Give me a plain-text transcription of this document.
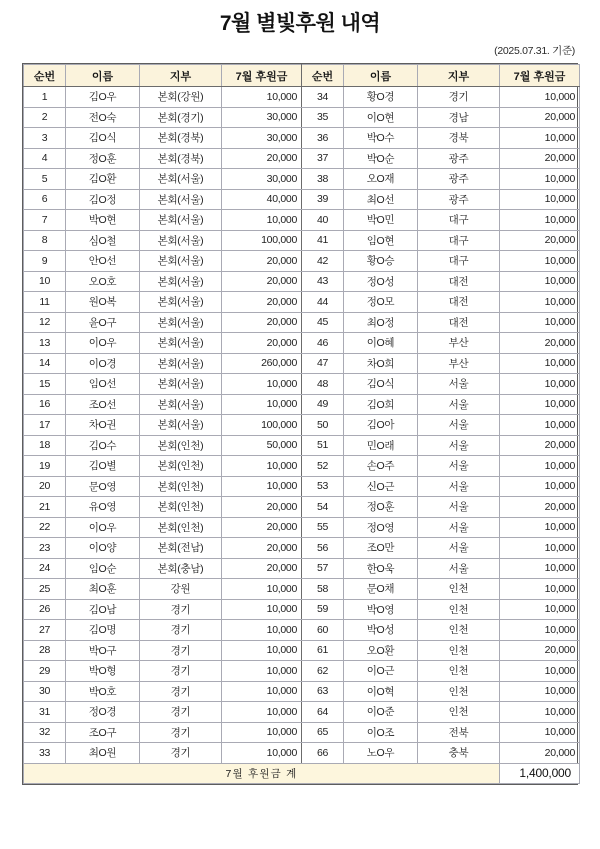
7월 별빛후원 내역
(2025.07.31. 기준)
순번	이름	지부	7월 후원금	순번	이름	지부	7월 후원금
1	김O우	본회(강원)	10,000	34	황O경	경기	10,000
2	전O숙	본회(경기)	30,000	35	이O현	경남	20,000
3	김O식	본회(경북)	30,000	36	박O수	경북	10,000
4	정O훈	본회(경북)	20,000	37	박O순	광주	20,000
5	김O환	본회(서울)	30,000	38	오O재	광주	10,000
6	김O정	본회(서울)	40,000	39	최O선	광주	10,000
7	박O현	본회(서울)	10,000	40	박O민	대구	10,000
8	심O철	본회(서울)	100,000	41	임O현	대구	20,000
9	안O선	본회(서울)	20,000	42	황O승	대구	10,000
10	오O호	본회(서울)	20,000	43	정O성	대전	10,000
11	원O복	본회(서울)	20,000	44	정O모	대전	10,000
12	윤O구	본회(서울)	20,000	45	최O정	대전	10,000
13	이O우	본회(서울)	20,000	46	이O혜	부산	20,000
14	이O경	본회(서울)	260,000	47	차O희	부산	10,000
15	임O선	본회(서울)	10,000	48	김O식	서울	10,000
16	조O선	본회(서울)	10,000	49	김O희	서울	10,000
17	차O권	본회(서울)	100,000	50	김O아	서울	10,000
18	김O수	본회(인천)	50,000	51	민O래	서울	20,000
19	김O별	본회(인천)	10,000	52	손O주	서울	10,000
20	문O영	본회(인천)	10,000	53	신O근	서울	10,000
21	유O영	본회(인천)	20,000	54	정O훈	서울	20,000
22	이O우	본회(인천)	20,000	55	정O영	서울	10,000
23	이O양	본회(전남)	20,000	56	조O만	서울	10,000
24	임O순	본회(충남)	20,000	57	한O욱	서울	10,000
25	최O훈	강원	10,000	58	문O채	인천	10,000
26	김O남	경기	10,000	59	박O영	인천	10,000
27	김O명	경기	10,000	60	박O성	인천	10,000
28	박O구	경기	10,000	61	오O환	인천	20,000
29	박O형	경기	10,000	62	이O근	인천	10,000
30	박O호	경기	10,000	63	이O혁	인천	10,000
31	정O경	경기	10,000	64	이O준	인천	10,000
32	조O구	경기	10,000	65	이O조	전북	10,000
33	최O원	경기	10,000	66	노O우	충북	20,000
7월 후원금 계							1,400,000
